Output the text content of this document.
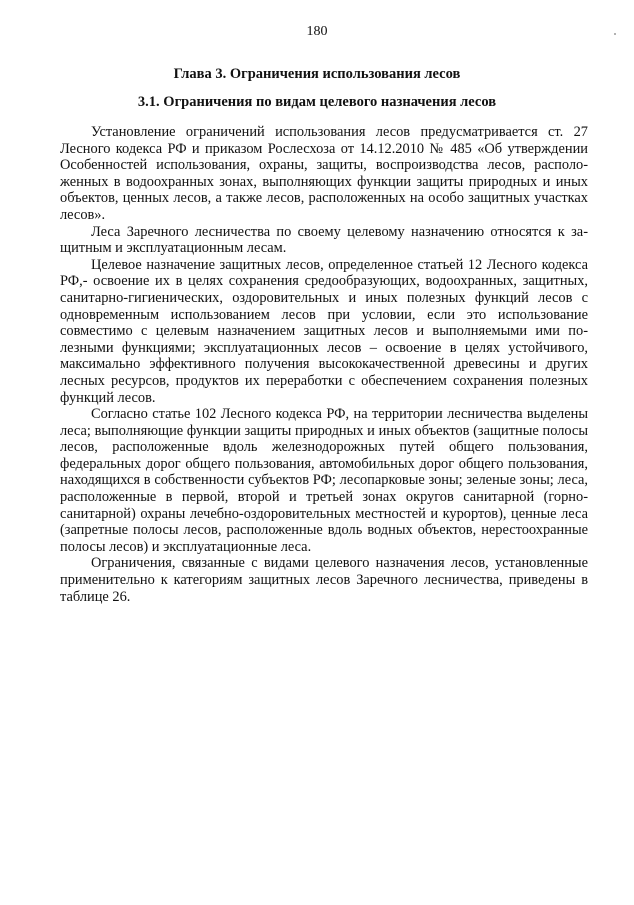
180
Глава 3. Ограничения использования лесов
3.1. Ограничения по видам целевого назначения лесов

Установление ограничений использования лесов предусматривается ст. 27 Лесного кодекса РФ и приказом Рослесхоза от 14.12.2010 № 485 «Об утверждении Особенностей использования, охраны, защиты, воспроизводства лесов, расположенных в водоохранных зонах, выполняющих функции защиты природных и иных объектов, ценных лесов, а также лесов, расположенных на особо защитных участках лесов».

Леса Заречного лесничества по своему целевому назначению относятся к защитным и эксплуатационным лесам.

Целевое назначение защитных лесов, определенное статьей 12 Лесного кодекса РФ,- освоение их в целях сохранения средообразующих, водоохранных, защитных, санитарно-гигиенических, оздоровительных и иных полезных функций лесов с одновременным использованием лесов при условии, если это использование совместимо с целевым назначением защитных лесов и выполняемыми ими полезными функциями; эксплуатационных лесов – освоение в целях устойчивого, максимально эффективного получения высококачественной древесины и других лесных ресурсов, продуктов их переработки с обеспечением сохранения полезных функций лесов.

Согласно статье 102 Лесного кодекса РФ, на территории лесничества выделены леса; выполняющие функции защиты природных и иных объектов (защитные полосы лесов, расположенные вдоль железнодорожных путей общего пользования, федеральных дорог общего пользования, автомобильных дорог общего пользования, находящихся в собственности субъектов РФ; лесопарковые зоны; зеленые зоны; леса, расположенные в первой, второй и третьей зонах округов санитарной (горно-санитарной) охраны лечебно-оздоровительных местностей и курортов), ценные леса (запретные полосы лесов, расположенные вдоль водных объектов, нерестоохранные полосы лесов) и эксплуатационные леса.

Ограничения, связанные с видами целевого назначения лесов, установленные применительно к категориям защитных лесов Заречного лесничества, приведены в таблице 26.
